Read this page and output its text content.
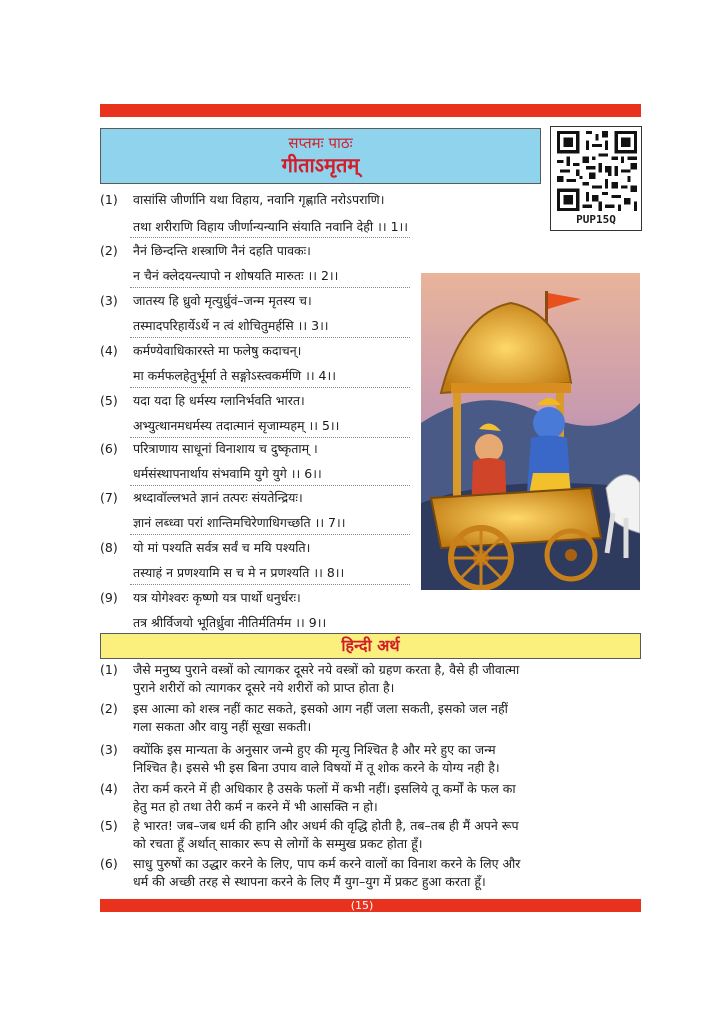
सप्तमः पाठः
गीताऽमृतम्
PUP15Q
(1) वासांसि जीर्णानि यथा विहाय, नवानि गृह्णाति नरोऽपराणि।
तथा शरीराणि विहाय जीर्णान्यन्यानि संयाति नवानि देही ।। 1।।
(2) नैनं छिन्दन्ति शस्त्राणि नैनं दहति पावकः।
न चैनं क्लेदयन्त्यापो न शोषयति मारुतः ।। 2।।
(3) जातस्य हि ध्रुवो मृत्युर्ध्रुवं–जन्म मृतस्य च।
तस्मादपरिहार्येऽर्थे न त्वं शोचितुमर्हसि ।। 3।।
(4) कर्मण्येवाधिकारस्ते मा फलेषु कदाचन्।
मा कर्मफलहेतुर्भूर्मा ते सङ्गोऽस्त्वकर्मणि ।। 4।।
(5) यदा यदा हि धर्मस्य ग्लानिर्भवति भारत।
अभ्युत्थानमधर्मस्य तदात्मानं सृजाम्यहम् ।। 5।।
(6) परित्राणाय साधूनां विनाशाय च दुष्कृताम् ।
धर्मसंस्थापनार्थाय संभवामि युगे युगे ।। 6।।
(7) श्रध्दावॉल्लभते ज्ञानं तत्परः संयतेन्द्रियः।
ज्ञानं लब्ध्वा परां शान्तिमचिरेणाधिगच्छति ।। 7।।
(8) यो मां पश्यति सर्वत्र सर्वं च मयि पश्यति।
तस्याहं न प्रणश्यामि स च मे न प्रणश्यति ।। 8।।
(9) यत्र योगेश्वरः कृष्णो यत्र पार्थो धनुर्धरः।
तत्र श्रीर्विजयो भूतिर्ध्रुवा नीतिर्मतिर्मम ।। 9।।
हिन्दी अर्थ
(1) जैसे मनुष्य पुराने वस्त्रों को त्यागकर दूसरे नये वस्त्रों को ग्रहण करता है, वैसे ही जीवात्मा
पुराने शरीरों को त्यागकर दूसरे नये शरीरों को प्राप्त होता है।
(2) इस आत्मा को शस्त्र नहीं काट सकते, इसको आग नहीं जला सकती, इसको जल नहीं
गला सकता और वायु नहीं सूखा सकती।
(3) क्योंकि इस मान्यता के अनुसार जन्मे हुए की मृत्यु निश्चित है और मरे हुए का जन्म
निश्चित है। इससे भी इस बिना उपाय वाले विषयों में तू शोक करने के योग्य नही है।
(4) तेरा कर्म करने में ही अधिकार है उसके फलों में कभी नहीं। इसलिये तू कर्मों के फल का
हेतु मत हो तथा तेरी कर्म न करने में भी आसक्ति न हो।
(5) हे भारत! जब–जब धर्म की हानि और अधर्म की वृद्धि होती है, तब–तब ही मैं अपने रूप
को रचता हूँ अर्थात् साकार रूप से लोगों के सम्मुख प्रकट होता हूँ।
(6) साधु पुरुषों का उद्धार करने के लिए, पाप कर्म करने वालों का विनाश करने के लिए और
धर्म की अच्छी तरह से स्थापना करने के लिए मैं युग–युग में प्रकट हुआ करता हूँ।
(15)
